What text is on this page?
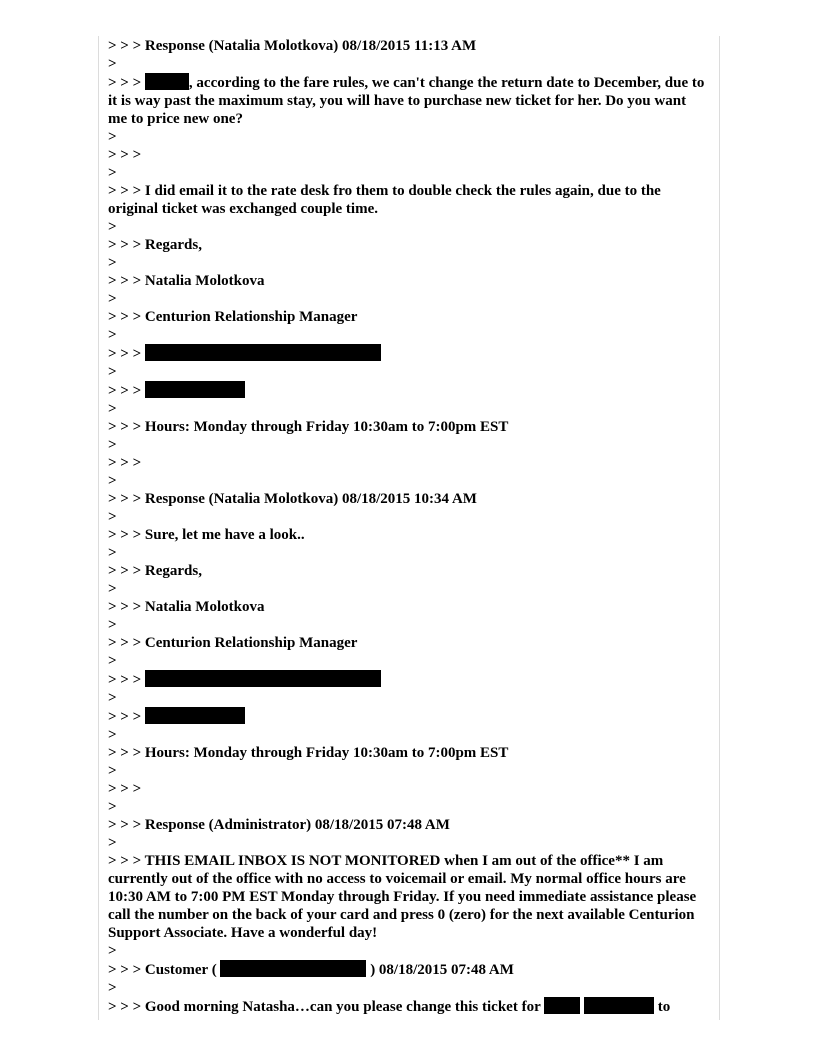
> > > Response (Natalia Molotkova) 08/18/2015 11:13 AM
>
> > >	, according to the fare rules, we can't change the return date to December, due to it is way past the maximum stay, you will have to purchase new ticket for her. Do you want me to price new one?
>
> > >
>
> > > I did email it to the rate desk fro them to double check the rules again, due to the original ticket was exchanged couple time.
>
> > > Regards,
>
> > > Natalia Molotkova
>
> > > Centurion Relationship Manager
>
> > >
>
> > >
>
> > > Hours: Monday through Friday 10:30am to 7:00pm EST
>
> > >
>
> > > Response (Natalia Molotkova) 08/18/2015 10:34 AM
>
> > > Sure, let me have a look..
>
> > > Regards,
>
> > > Natalia Molotkova
>
> > > Centurion Relationship Manager
>
> > >
>
> > >
>
> > > Hours: Monday through Friday 10:30am to 7:00pm EST
>
> > >
>
> > > Response (Administrator) 08/18/2015 07:48 AM
>
> > > THIS EMAIL INBOX IS NOT MONITORED when I am out of the office** I am currently out of the office with no access to voicemail or email. My normal office hours are 10:30 AM to 7:00 PM EST Monday through Friday. If you need immediate assistance please call the number on the back of your card and press 0 (zero) for the next available Centurion Support Associate. Have a wonderful day!
>
> > > Customer (	) 08/18/2015 07:48 AM
>
> > > Good morning Natasha…can you please change this ticket for	to
